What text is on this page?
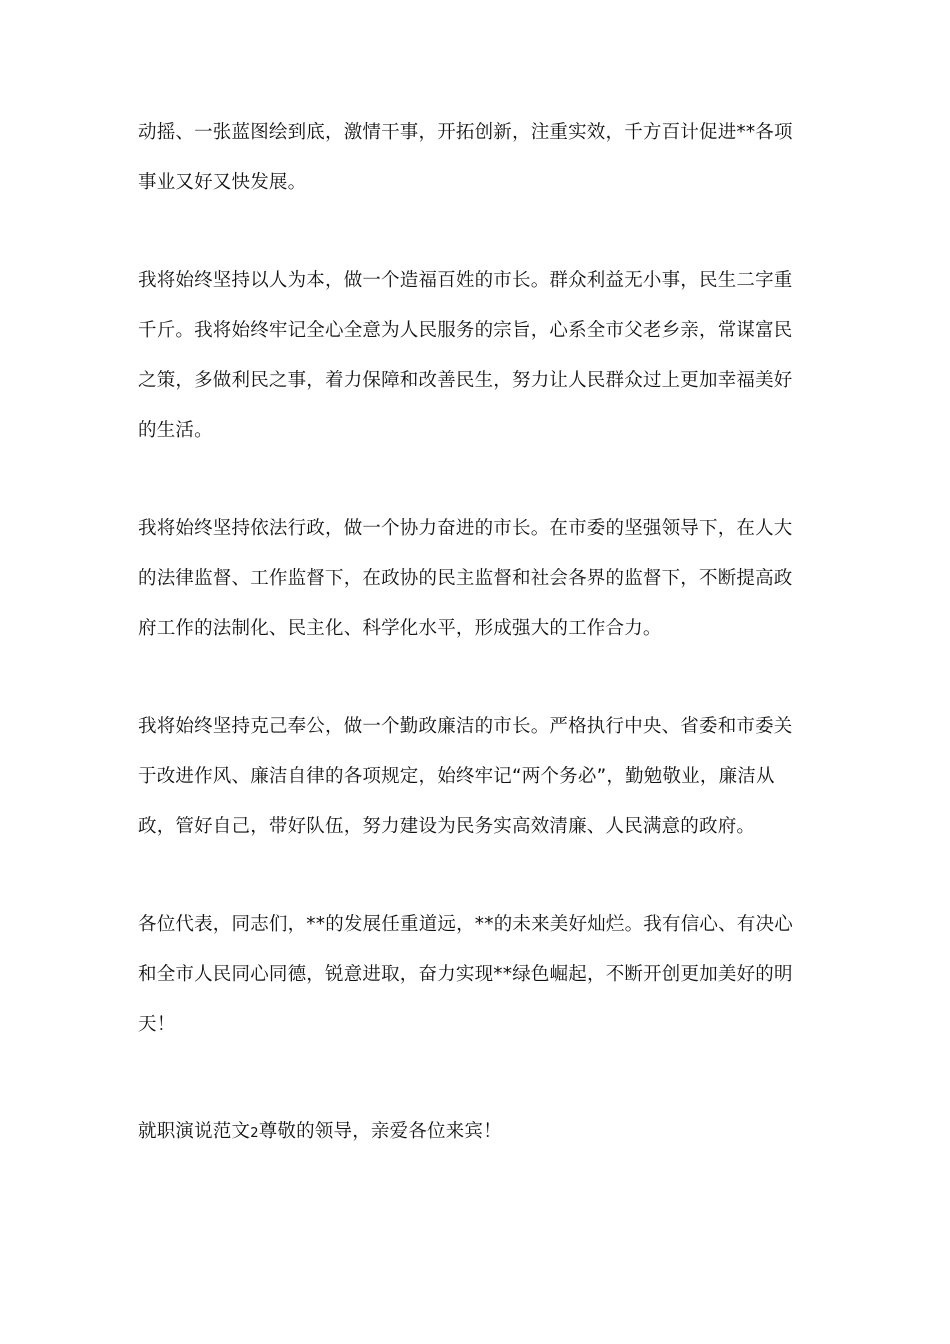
动摇、一张蓝图绘到底，激情干事，开拓创新，注重实效，千方百计促进**各项
事业又好又快发展。
我将始终坚持以人为本，做一个造福百姓的市长。群众利益无小事，民生二字重
千斤。我将始终牢记全心全意为人民服务的宗旨，心系全市父老乡亲，常谋富民
之策，多做利民之事，着力保障和改善民生，努力让人民群众过上更加幸福美好
的生活。
我将始终坚持依法行政，做一个协力奋进的市长。在市委的坚强领导下，在人大
的法律监督、工作监督下，在政协的民主监督和社会各界的监督下，不断提高政
府工作的法制化、民主化、科学化水平，形成强大的工作合力。
我将始终坚持克己奉公，做一个勤政廉洁的市长。严格执行中央、省委和市委关
于改进作风、廉洁自律的各项规定，始终牢记“两个务必”，勤勉敬业，廉洁从
政，管好自己，带好队伍，努力建设为民务实高效清廉、人民满意的政府。
各位代表，同志们，**的发展任重道远，**的未来美好灿烂。我有信心、有决心
和全市人民同心同德，锐意进取，奋力实现**绿色崛起，不断开创更加美好的明
天！
就职演说范文2尊敬的领导，亲爱各位来宾！
